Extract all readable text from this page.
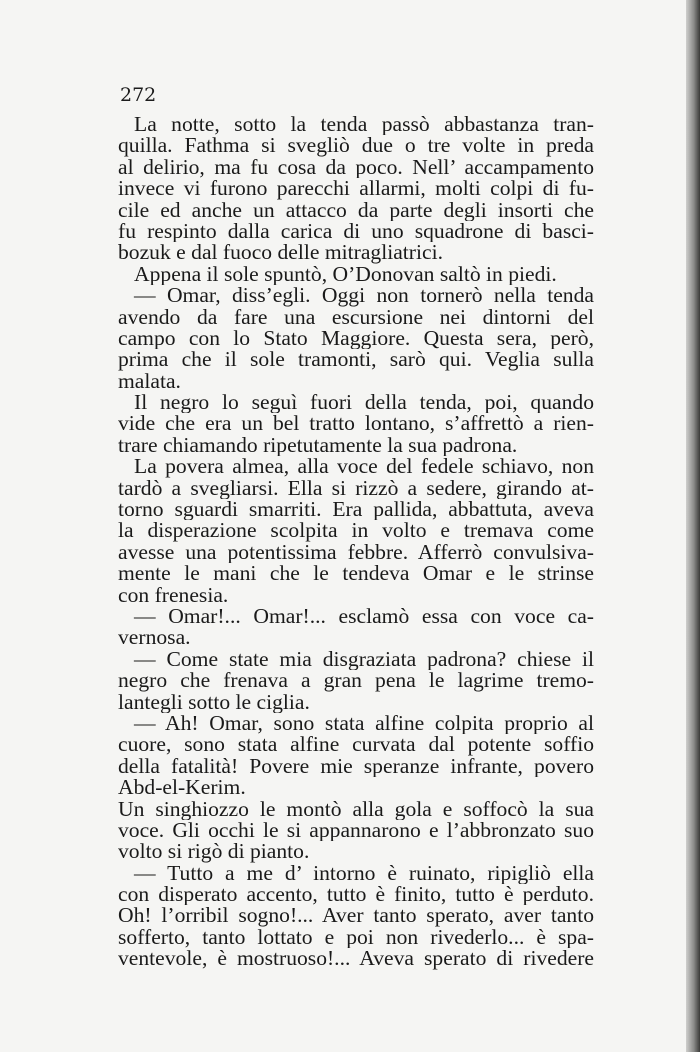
272
La notte, sotto la tenda passò abbastanza tran-
quilla. Fathma si svegliò due o tre volte in preda
al delirio, ma fu cosa da poco. Nell’ accampamento
invece vi furono parecchi allarmi, molti colpi di fu-
cile ed anche un attacco da parte degli insorti che
fu respinto dalla carica di uno squadrone di basci-
bozuk e dal fuoco delle mitragliatrici.
Appena il sole spuntò, O’Donovan saltò in piedi.
— Omar, diss’egli. Oggi non tornerò nella tenda
avendo da fare una escursione nei dintorni del
campo con lo Stato Maggiore. Questa sera, però,
prima che il sole tramonti, sarò qui. Veglia sulla
malata.
Il negro lo seguì fuori della tenda, poi, quando
vide che era un bel tratto lontano, s’affrettò a rien-
trare chiamando ripetutamente la sua padrona.
La povera almea, alla voce del fedele schiavo, non
tardò a svegliarsi. Ella si rizzò a sedere, girando at-
torno sguardi smarriti. Era pallida, abbattuta, aveva
la disperazione scolpita in volto e tremava come
avesse una potentissima febbre. Afferrò convulsiva-
mente le mani che le tendeva Omar e le strinse
con frenesia.
— Omar!... Omar!... esclamò essa con voce ca-
vernosa.
— Come state mia disgraziata padrona? chiese il
negro che frenava a gran pena le lagrime tremo-
lantegli sotto le ciglia.
— Ah! Omar, sono stata alfine colpita proprio al
cuore, sono stata alfine curvata dal potente soffio
della fatalità! Povere mie speranze infrante, povero
Abd-el-Kerim.
Un singhiozzo le montò alla gola e soffocò la sua
voce. Gli occhi le si appannarono e l’abbronzato suo
volto si rigò di pianto.
— Tutto a me d’ intorno è ruinato, ripigliò ella
con disperato accento, tutto è finito, tutto è perduto.
Oh! l’orribil sogno!... Aver tanto sperato, aver tanto
sofferto, tanto lottato e poi non rivederlo... è spa-
ventevole, è mostruoso!... Aveva sperato di rivedere
